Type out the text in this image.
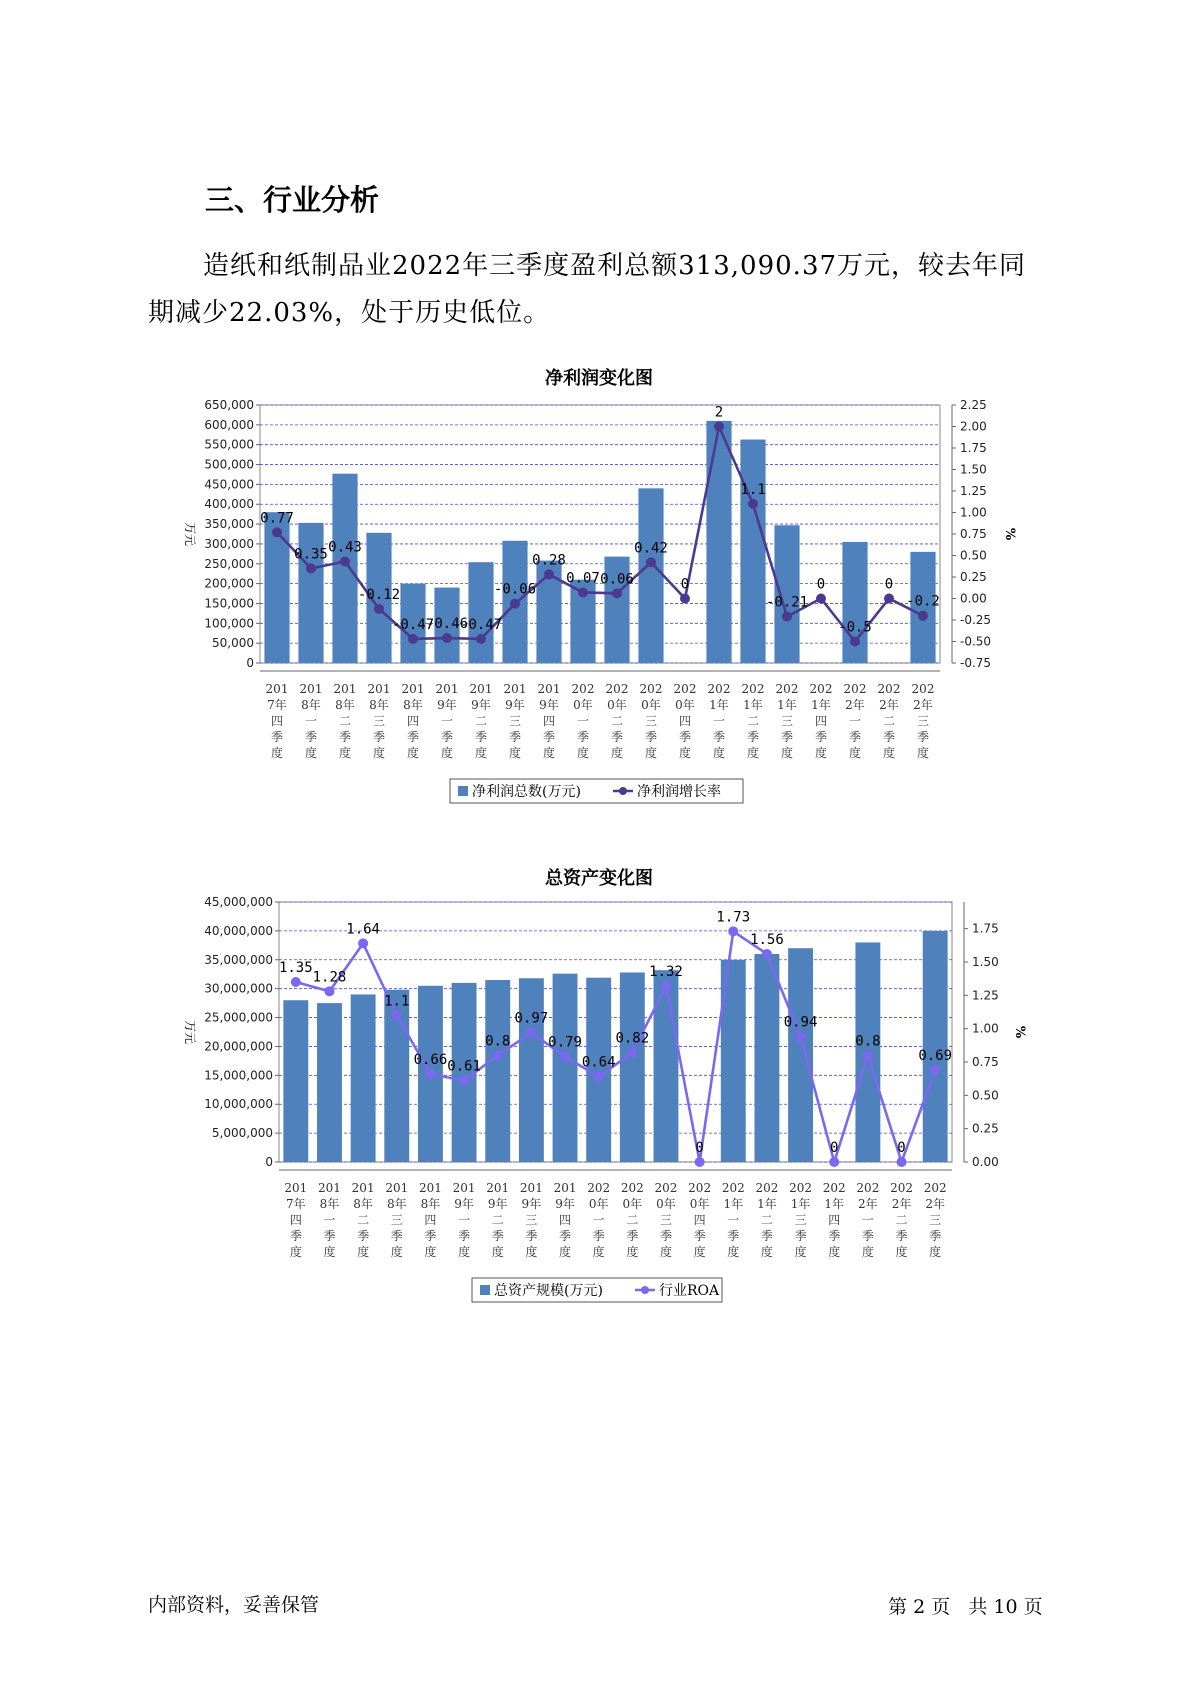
三、行业分析

造纸和纸制品业2022年三季度盈利总额313,090.37万元，较去年同期减少22.03%，处于历史低位。

净利润变化图
0
50,000
100,000
150,000
200,000
250,000
300,000
350,000
400,000
450,000
500,000
550,000
600,000
650,000
-0.75
-0.50
-0.25
0.00
0.25
0.50
0.75
1.00
1.25
1.50
1.75
2.00
2.25
万元	%
0.77
0.35 0.43
-0.12
-0.47
-0.46
-0.47
-0.06
0.28
0.07 0.06
0.42
0
2
1.1
-0.21
0
-0.5
0
-0.2
201
7年
四
季
度
201
8年
一
季
度
201
8年
二
季
度
201
8年
三
季
度
201
8年
四
季
度
201
9年
一
季
度
201
9年
二
季
度
201
9年
三
季
度
201
9年
四
季
度
202
0年
一
季
度
202
0年
二
季
度
202
0年
三
季
度
202
0年
四
季
度
202
1年
一
季
度
202
1年
二
季
度
202
1年
三
季
度
202
1年
四
季
度
202
2年
一
季
度
202
2年
二
季
度
202
2年
三
季
度
净利润总数(万元)	净利润增长率
总资产变化图
0
5,000,000
10,000,000
15,000,000
20,000,000
25,000,000
30,000,000
35,000,000
40,000,000
45,000,000
0.00
0.25
0.50
0.75
1.00
1.25
1.50
1.75
万元	%
1.35
1.28
1.64
1.1
0.66 0.61
0.8
0.97
0.79
0.64
0.82
1.32
0
1.73
1.56
0.94
0
0.8
0
0.69
201
7年
四
季
度
201
8年
一
季
度
201
8年
二
季
度
201
8年
三
季
度
201
8年
四
季
度
201
9年
一
季
度
201
9年
二
季
度
201
9年
三
季
度
201
9年
四
季
度
202
0年
一
季
度
202
0年
二
季
度
202
0年
三
季
度
202
0年
四
季
度
202
1年
一
季
度
202
1年
二
季
度
202
1年
三
季
度
202
1年
四
季
度
202
2年
一
季
度
202
2年
二
季
度
202
2年
三
季
度
总资产规模(万元)	行业ROA
内部资料，妥善保管	第 2 页 共 10 页
